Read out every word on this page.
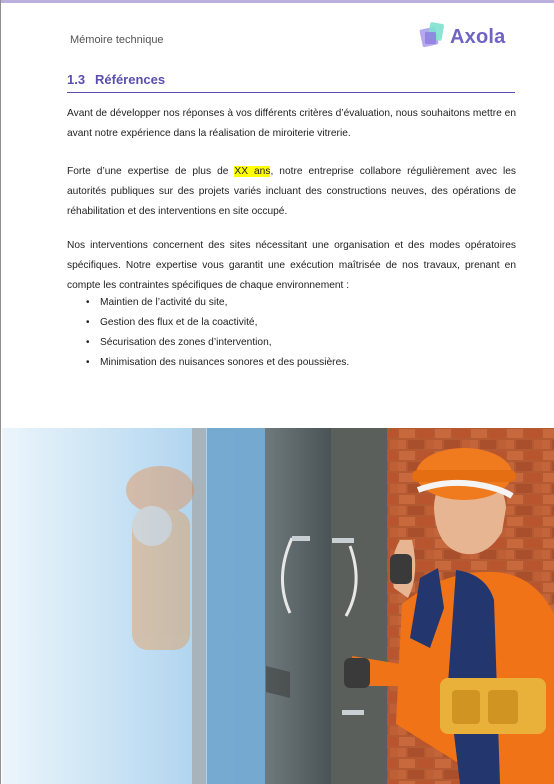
Mémoire technique	Axola
1.3 Références

Avant de développer nos réponses à vos différents critères d’évaluation, nous souhaitons mettre en avant notre expérience dans la réalisation de miroiterie vitrerie.

Forte d’une expertise de plus de XX ans, notre entreprise collabore régulièrement avec les autorités publiques sur des projets variés incluant des constructions neuves, des opérations de réhabilitation et des interventions en site occupé.

Nos interventions concernent des sites nécessitant une organisation et des modes opératoires spécifiques. Notre expertise vous garantit une exécution maîtrisée de nos travaux, prenant en compte les contraintes spécifiques de chaque environnement :

• Maintien de l’activité du site,
• Gestion des flux et de la coactivité,
• Sécurisation des zones d’intervention,
• Minimisation des nuisances sonores et des poussières.
